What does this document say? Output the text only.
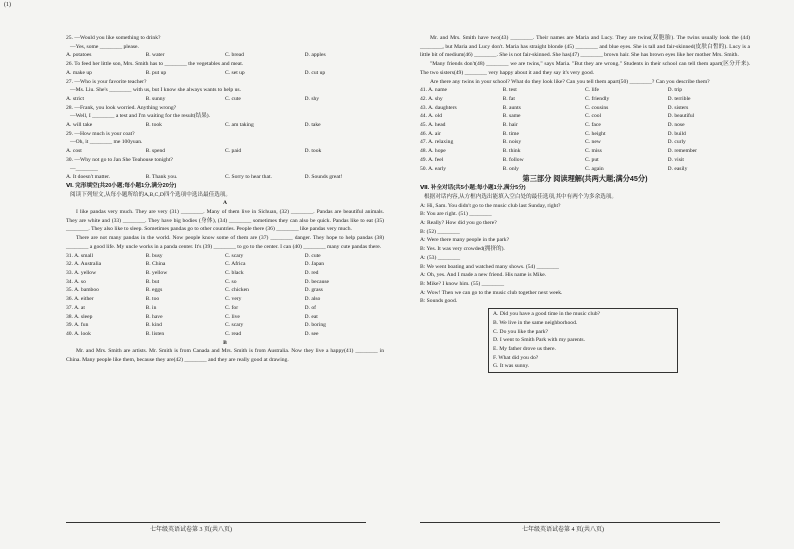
(1)
25. —Would you like something to drink?
—Yes, some ________ please.
A. potatoes	B. water	C. bread	D. apples
26. To feed her little son, Mrs. Smith has to ________ the vegetables and meat.
A. make up	B. put up	C. set up	D. cut up
27. —Who is your favorite teacher?
—Ms. Liu. She's ________ with us, but I know she always wants to help us.
A. strict	B. sunny	C. cute	D. shy
28. —Frank, you look worried. Anything wrong?
—Well, I ________ a test and I'm waiting for the result(结果).
A. will take	B. took	C. am taking	D. take
29. —How much is your coat?
—Oh, it ________ me 100yuan.
A. cost	B. spend	C. paid	D. took
30. —Why not go to Jan She Teahouse tonight?
—________
A. It doesn't matter.	B. Thank you.	C. Sorry to hear that.	D. Sounds great!
Ⅵ. 完形填空(共20小题;每小题1分,满分20分)
阅读下列短文,从每小题所给的A,B,C,D四个选项中选出最佳选项。
A
I like pandas very much. They are very (31) ________. Many of them live in Sichuan, (32) ________. Pandas are beautiful animals. They are white and (33) ________. They have big bodies (身体), (34) ________ sometimes they can also be quick. Pandas like to eat (35) ________. They also like to sleep. Sometimes pandas go to other countries. People there (36) ________ like pandas very much.
There are not many pandas in the world. Now people know some of them are (37) ________ danger. They hope to help pandas (38) ________ a good life. My uncle works in a panda center. It's (39) ________ to go to the center. I can (40) ________ many cute pandas there.
31. A. small	B. busy	C. scary	D. cute
32. A. Australia	B. China	C. Africa	D. Japan
33. A. yellow	B. yellow	C. black	D. red
34. A. so	B. but	C. so	D. because
35. A. bamboo	B. eggs	C. chicken	D. grass
36. A. either	B. too	C. very	D. also
37. A. at	B. in	C. for	D. of
38. A. sleep	B. have	C. live	D. eat
39. A. fun	B. kind	C. scary	D. boring
40. A. look	B. listen	C. read	D. see
B
Mr. and Mrs. Smith are artists. Mr. Smith is from Canada and Mrs. Smith is from Australia. Now they live a happy(41) ________ in China. Many people like them, because they are(42) ________ and they are really good at drawing.
七年级英语试卷第 3 页(共八页)
Mr. and Mrs. Smith have two(43) ________. Their names are Maria and Lucy. They are twins(双胞胎). The twins usually look the (44) ________, but Maria and Lucy don't. Maria has straight blonde (45) ________ and blue eyes. She is tall and fair-skinned(皮肤白皙的). Lucy is a little bit of medium(46) ________. She is not fair-skinned. She has(47) ________ brown hair. She has brown eyes like her mother Mrs. Smith.
"Many friends don't(48) ________ we are twins," says Maria. "But they are wrong." Students in their school can tell them apart(区分开来). The two sisters(49) ________ very happy about it and they say it's very good.
Are there any twins in your school? What do they look like? Can you tell them apart(50) ________? Can you describe them?
41. A. name	B. test	C. life	D. trip
42. A. shy	B. fat	C. friendly	D. terrible
43. A. daughters	B. aunts	C. cousins	D. sisters
44. A. old	B. same	C. cool	D. beautiful
45. A. head	B. hair	C. face	D. nose
46. A. air	B. time	C. height	D. build
47. A. relaxing	B. noisy	C. new	D. curly
48. A. hope	B. think	C. miss	D. remember
49. A. feel	B. follow	C. put	D. visit
50. A. early	B. only	C. again	D. easily
第三部分 阅读理解(共两大题;满分45分)
Ⅶ. 补全对话(共5小题;每小题1分,满分5分)
根据对话内容,从方框内选出能填入空白处的最佳选项,其中有两个为多余选项。
A: Hi, Sam. You didn't go to the music club last Sunday, right?
B: You are right. (51) ________
A: Really? How did you go there?
B: (52) ________
A: Were there many people in the park?
B: Yes. It was very crowded(拥挤的).
A: (53) ________
B: We went boating and watched many shows. (54) ________
A: Oh, yes. And I made a new friend. His name is Mike.
B: Mike? I know him. (55) ________
A: Wow! Then we can go to the music club together next week.
B: Sounds good.
A. Did you have a good time in the music club?
B. We live in the same neighborhood.
C. Do you like the park?
D. I went to Smith Park with my parents.
E. My father drove us there.
F. What did you do?
G. It was sunny.
七年级英语试卷第 4 页(共八页)
